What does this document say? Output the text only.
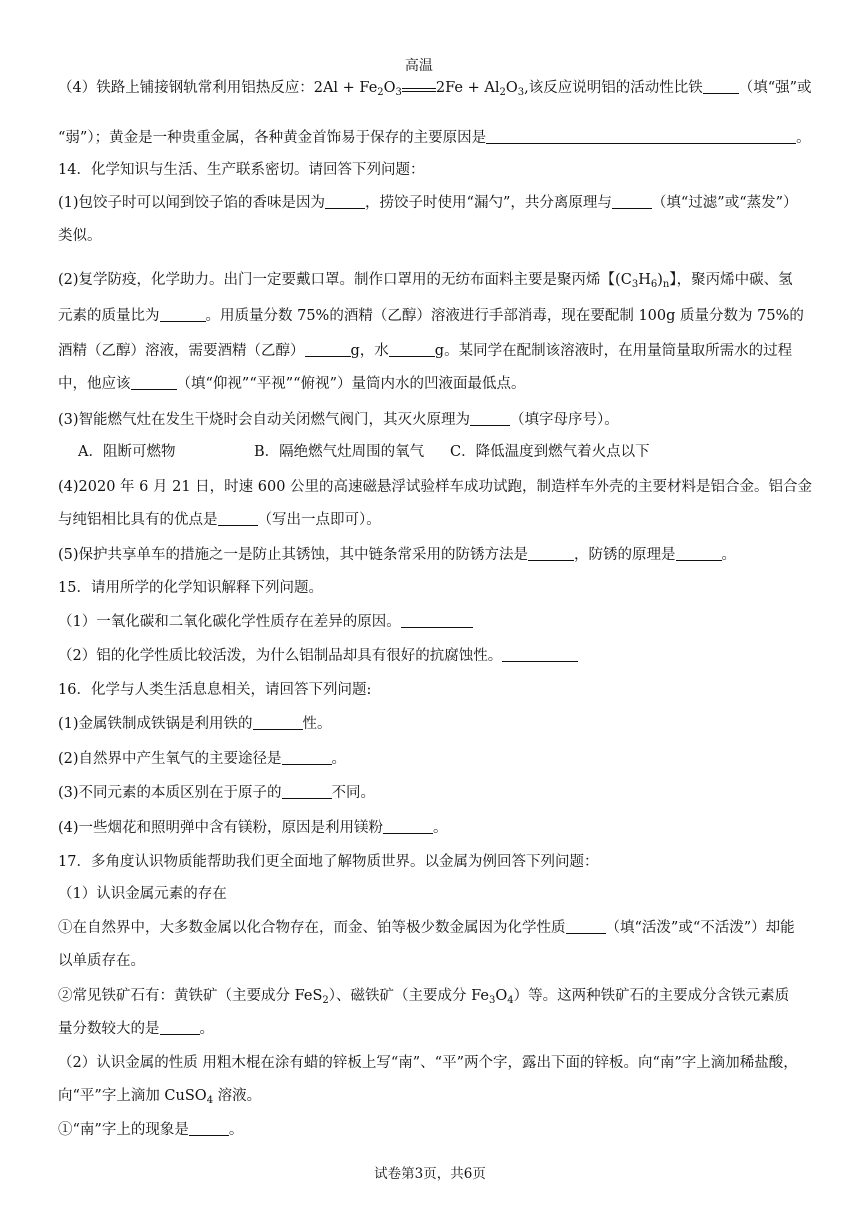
（4）铁路上铺接钢轨常利用铝热反应：$2Al + Fe_2O_3$
高温
$2Fe + Al_2O_3$,该反应说明铝的活动性比铁 （填“强”或
“弱”）；黄金是一种贵重金属，各种黄金首饰易于保存的主要原因是	。
14．化学知识与生活、生产联系密切。请回答下列问题：
(1)包饺子时可以闻到饺子馅的香味是因为	，捞饺子时使用“漏勺”，共分离原理与	（填“过滤”或“蒸发”）
类似。
(2)复学防疫，化学助力。出门一定要戴口罩。制作口罩用的无纺布面料主要是聚丙烯【$(C_3H_6)_n$】，聚丙烯中碳、氢
元素的质量比为	。用质量分数 75%的酒精（乙醇）溶液进行手部消毒，现在要配制 100g 质量分数为 75%的
酒精（乙醇）溶液，需要酒精（乙醇）	g，水	g。某同学在配制该溶液时，在用量筒量取所需水的过程
中，他应该	（填“仰视”“平视”“俯视”）量筒内水的凹液面最低点。
(3)智能燃气灶在发生干烧时会自动关闭燃气阀门，其灭火原理为	（填字母序号）。
A．阻断可燃物	B．隔绝燃气灶周围的氧气 C．降低温度到燃气着火点以下
(4)2020 年 6 月 21 日，时速 600 公里的高速磁悬浮试验样车成功试跑，制造样车外壳的主要材料是铝合金。铝合金
与纯铝相比具有的优点是	（写出一点即可）。
(5)保护共享单车的措施之一是防止其锈蚀，其中链条常采用的防锈方法是	，防锈的原理是	。
15．请用所学的化学知识解释下列问题。
（1）一氧化碳和二氧化碳化学性质存在差异的原因。
（2）铝的化学性质比较活泼，为什么铝制品却具有很好的抗腐蚀性。
16．化学与人类生活息息相关，请回答下列问题:
(1)金属铁制成铁锅是利用铁的	性。
(2)自然界中产生氧气的主要途径是	。
(3)不同元素的本质区别在于原子的	不同。
(4)一些烟花和照明弹中含有镁粉，原因是利用镁粉	。
17．多角度认识物质能帮助我们更全面地了解物质世界。以金属为例回答下列问题：
（1）认识金属元素的存在
①在自然界中，大多数金属以化合物存在，而金、铂等极少数金属因为化学性质	（填“活泼”或“不活泼”）却能
以单质存在。
②常见铁矿石有：黄铁矿（主要成分 FeS$_2$）、磁铁矿（主要成分 $Fe_3O_4$）等。这两种铁矿石的主要成分含铁元素质
量分数较大的是	。
（2）认识金属的性质 用粗木棍在涂有蜡的锌板上写“南”、“平”两个字，露出下面的锌板。向“南”字上滴加稀盐酸，
向“平”字上滴加 CuSO$_4$ 溶液。
①“南”字上的现象是	。
试卷第3页，共6页
